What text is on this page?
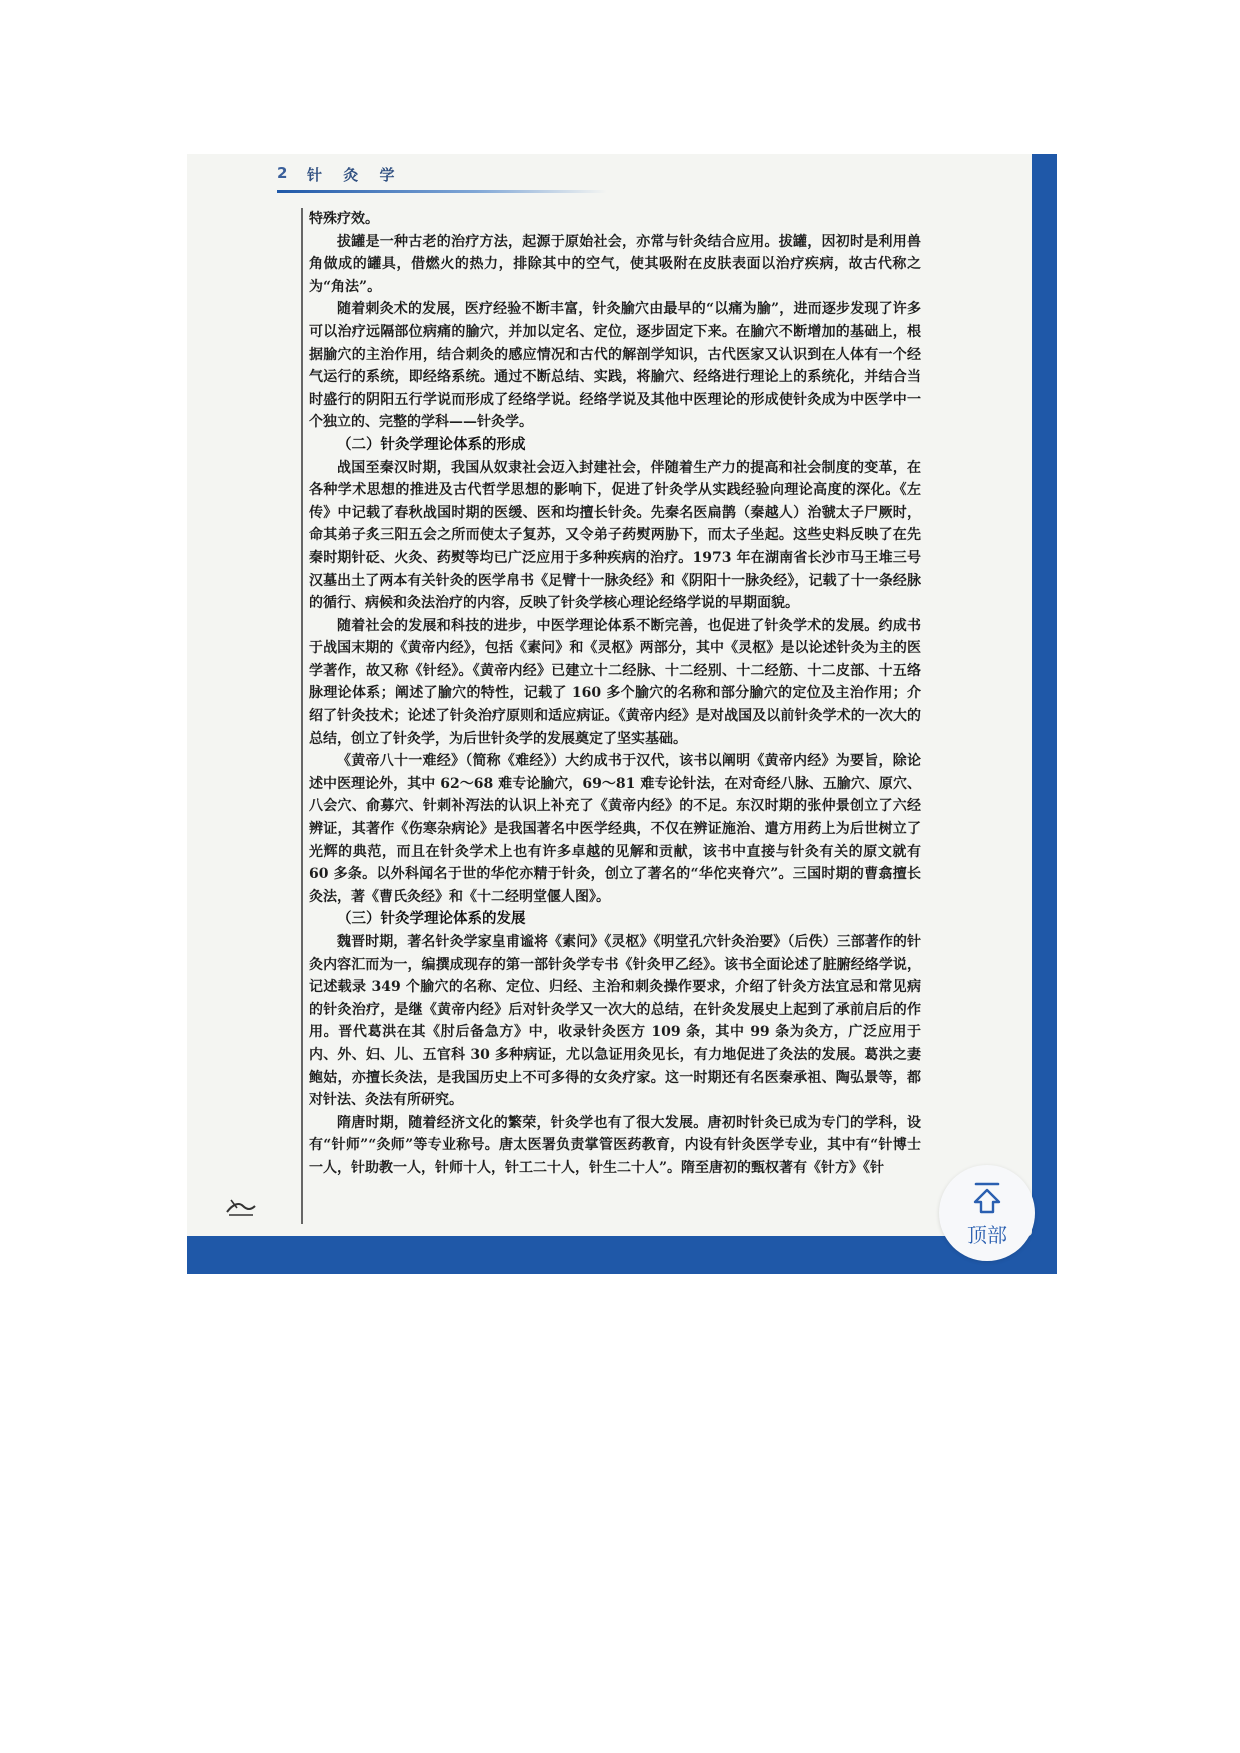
2 针 灸 学

特殊疗效。

拔罐是一种古老的治疗方法，起源于原始社会，亦常与针灸结合应用。拔罐，因初时是利用兽角做成的罐具，借燃火的热力，排除其中的空气，使其吸附在皮肤表面以治疗疾病，故古代称之为“角法”。

随着刺灸术的发展，医疗经验不断丰富，针灸腧穴由最早的“以痛为腧”，进而逐步发现了许多可以治疗远隔部位病痛的腧穴，并加以定名、定位，逐步固定下来。在腧穴不断增加的基础上，根据腧穴的主治作用，结合刺灸的感应情况和古代的解剖学知识，古代医家又认识到在人体有一个经气运行的系统，即经络系统。通过不断总结、实践，将腧穴、经络进行理论上的系统化，并结合当时盛行的阴阳五行学说而形成了经络学说。经络学说及其他中医理论的形成使针灸成为中医学中一个独立的、完整的学科——针灸学。

（二）针灸学理论体系的形成

战国至秦汉时期，我国从奴隶社会迈入封建社会，伴随着生产力的提高和社会制度的变革，在各种学术思想的推进及古代哲学思想的影响下，促进了针灸学从实践经验向理论高度的深化。《左传》中记载了春秋战国时期的医缓、医和均擅长针灸。先秦名医扁鹊（秦越人）治虢太子尸厥时，命其弟子炙三阳五会之所而使太子复苏，又令弟子药熨两胁下，而太子坐起。这些史料反映了在先秦时期针砭、火灸、药熨等均已广泛应用于多种疾病的治疗。1973 年在湖南省长沙市马王堆三号汉墓出土了两本有关针灸的医学帛书《足臂十一脉灸经》和《阴阳十一脉灸经》，记载了十一条经脉的循行、病候和灸法治疗的内容，反映了针灸学核心理论经络学说的早期面貌。

随着社会的发展和科技的进步，中医学理论体系不断完善，也促进了针灸学术的发展。约成书于战国末期的《黄帝内经》，包括《素问》和《灵枢》两部分，其中《灵枢》是以论述针灸为主的医学著作，故又称《针经》。《黄帝内经》已建立十二经脉、十二经别、十二经筋、十二皮部、十五络脉理论体系；阐述了腧穴的特性，记载了 160 多个腧穴的名称和部分腧穴的定位及主治作用；介绍了针灸技术；论述了针灸治疗原则和适应病证。《黄帝内经》是对战国及以前针灸学术的一次大的总结，创立了针灸学，为后世针灸学的发展奠定了坚实基础。

《黄帝八十一难经》（简称《难经》）大约成书于汉代，该书以阐明《黄帝内经》为要旨，除论述中医理论外，其中 62～68 难专论腧穴，69～81 难专论针法，在对奇经八脉、五腧穴、原穴、八会穴、俞募穴、针刺补泻法的认识上补充了《黄帝内经》的不足。东汉时期的张仲景创立了六经辨证，其著作《伤寒杂病论》是我国著名中医学经典，不仅在辨证施治、遣方用药上为后世树立了光辉的典范，而且在针灸学术上也有许多卓越的见解和贡献，该书中直接与针灸有关的原文就有 60 多条。以外科闻名于世的华佗亦精于针灸，创立了著名的“华佗夹脊穴”。三国时期的曹翕擅长灸法，著《曹氏灸经》和《十二经明堂偃人图》。

（三）针灸学理论体系的发展

魏晋时期，著名针灸学家皇甫谧将《素问》《灵枢》《明堂孔穴针灸治要》（后佚）三部著作的针灸内容汇而为一，编撰成现存的第一部针灸学专书《针灸甲乙经》。该书全面论述了脏腑经络学说，记述载录 349 个腧穴的名称、定位、归经、主治和刺灸操作要求，介绍了针灸方法宜忌和常见病的针灸治疗，是继《黄帝内经》后对针灸学又一次大的总结，在针灸发展史上起到了承前启后的作用。晋代葛洪在其《肘后备急方》中，收录针灸医方 109 条，其中 99 条为灸方，广泛应用于内、外、妇、儿、五官科 30 多种病证，尤以急证用灸见长，有力地促进了灸法的发展。葛洪之妻鲍姑，亦擅长灸法，是我国历史上不可多得的女灸疗家。这一时期还有名医秦承祖、陶弘景等，都对针法、灸法有所研究。

隋唐时期，随着经济文化的繁荣，针灸学也有了很大发展。唐初时针灸已成为专门的学科，设有“针师”“灸师”等专业称号。唐太医署负责掌管医药教育，内设有针灸医学专业，其中有“针博士一人，针助教一人，针师十人，针工二十人，针生二十人”。隋至唐初的甄权著有《针方》《针

顶部
